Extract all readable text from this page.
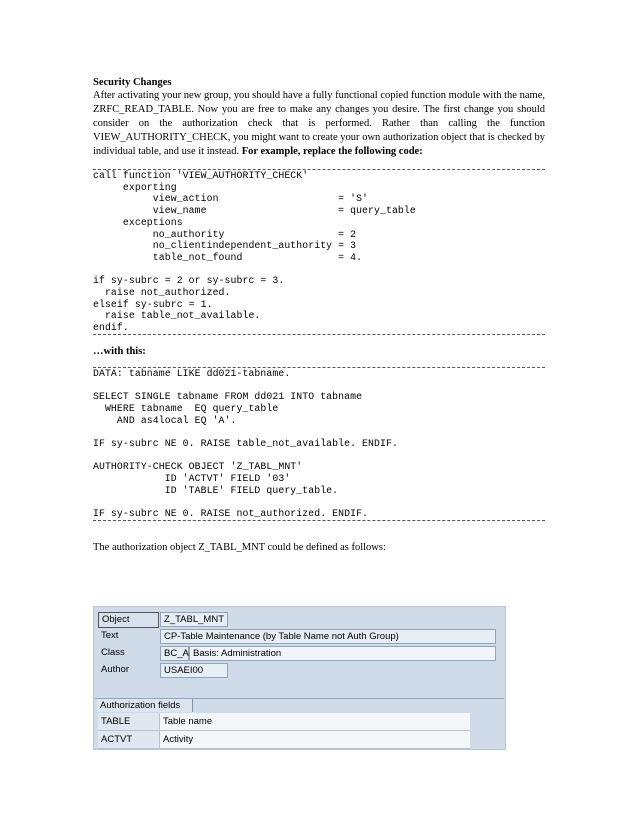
Security Changes

After activating your new group, you should have a fully functional copied function module with the name, ZRFC_READ_TABLE. Now you are free to make any changes you desire. The first change you should consider on the authorization check that is performed. Rather than calling the function VIEW_AUTHORITY_CHECK, you might want to create your own authorization object that is checked by individual table, and use it instead. For example, replace the following code:

call function 'VIEW_AUTHORITY_CHECK'
exporting
view_action                    = 'S'
view_name                      = query_table
exceptions
no_authority                   = 2
no_clientindependent_authority = 3
table_not_found                = 4.

if sy-subrc = 2 or sy-subrc = 3.
raise not_authorized.
elseif sy-subrc = 1.
raise table_not_available.
endif.

…with this:

DATA: tabname LIKE dd021-tabname.

SELECT SINGLE tabname FROM dd021 INTO tabname
WHERE tabname  EQ query_table
AND as4local EQ 'A'.

IF sy-subrc NE 0. RAISE table_not_available. ENDIF.

AUTHORITY-CHECK OBJECT 'Z_TABL_MNT'
ID 'ACTVT' FIELD '03'
ID 'TABLE' FIELD query_table.

IF sy-subrc NE 0. RAISE not_authorized. ENDIF.

The authorization object Z_TABL_MNT could be defined as follows:

Object	Z_TABL_MNT
Text	CP-Table Maintenance (by Table Name not Auth Group)
Class	BC_A Basis: Administration
Author	USAEI00
Authorization fields
TABLE	Table name
ACTVT	Activity
